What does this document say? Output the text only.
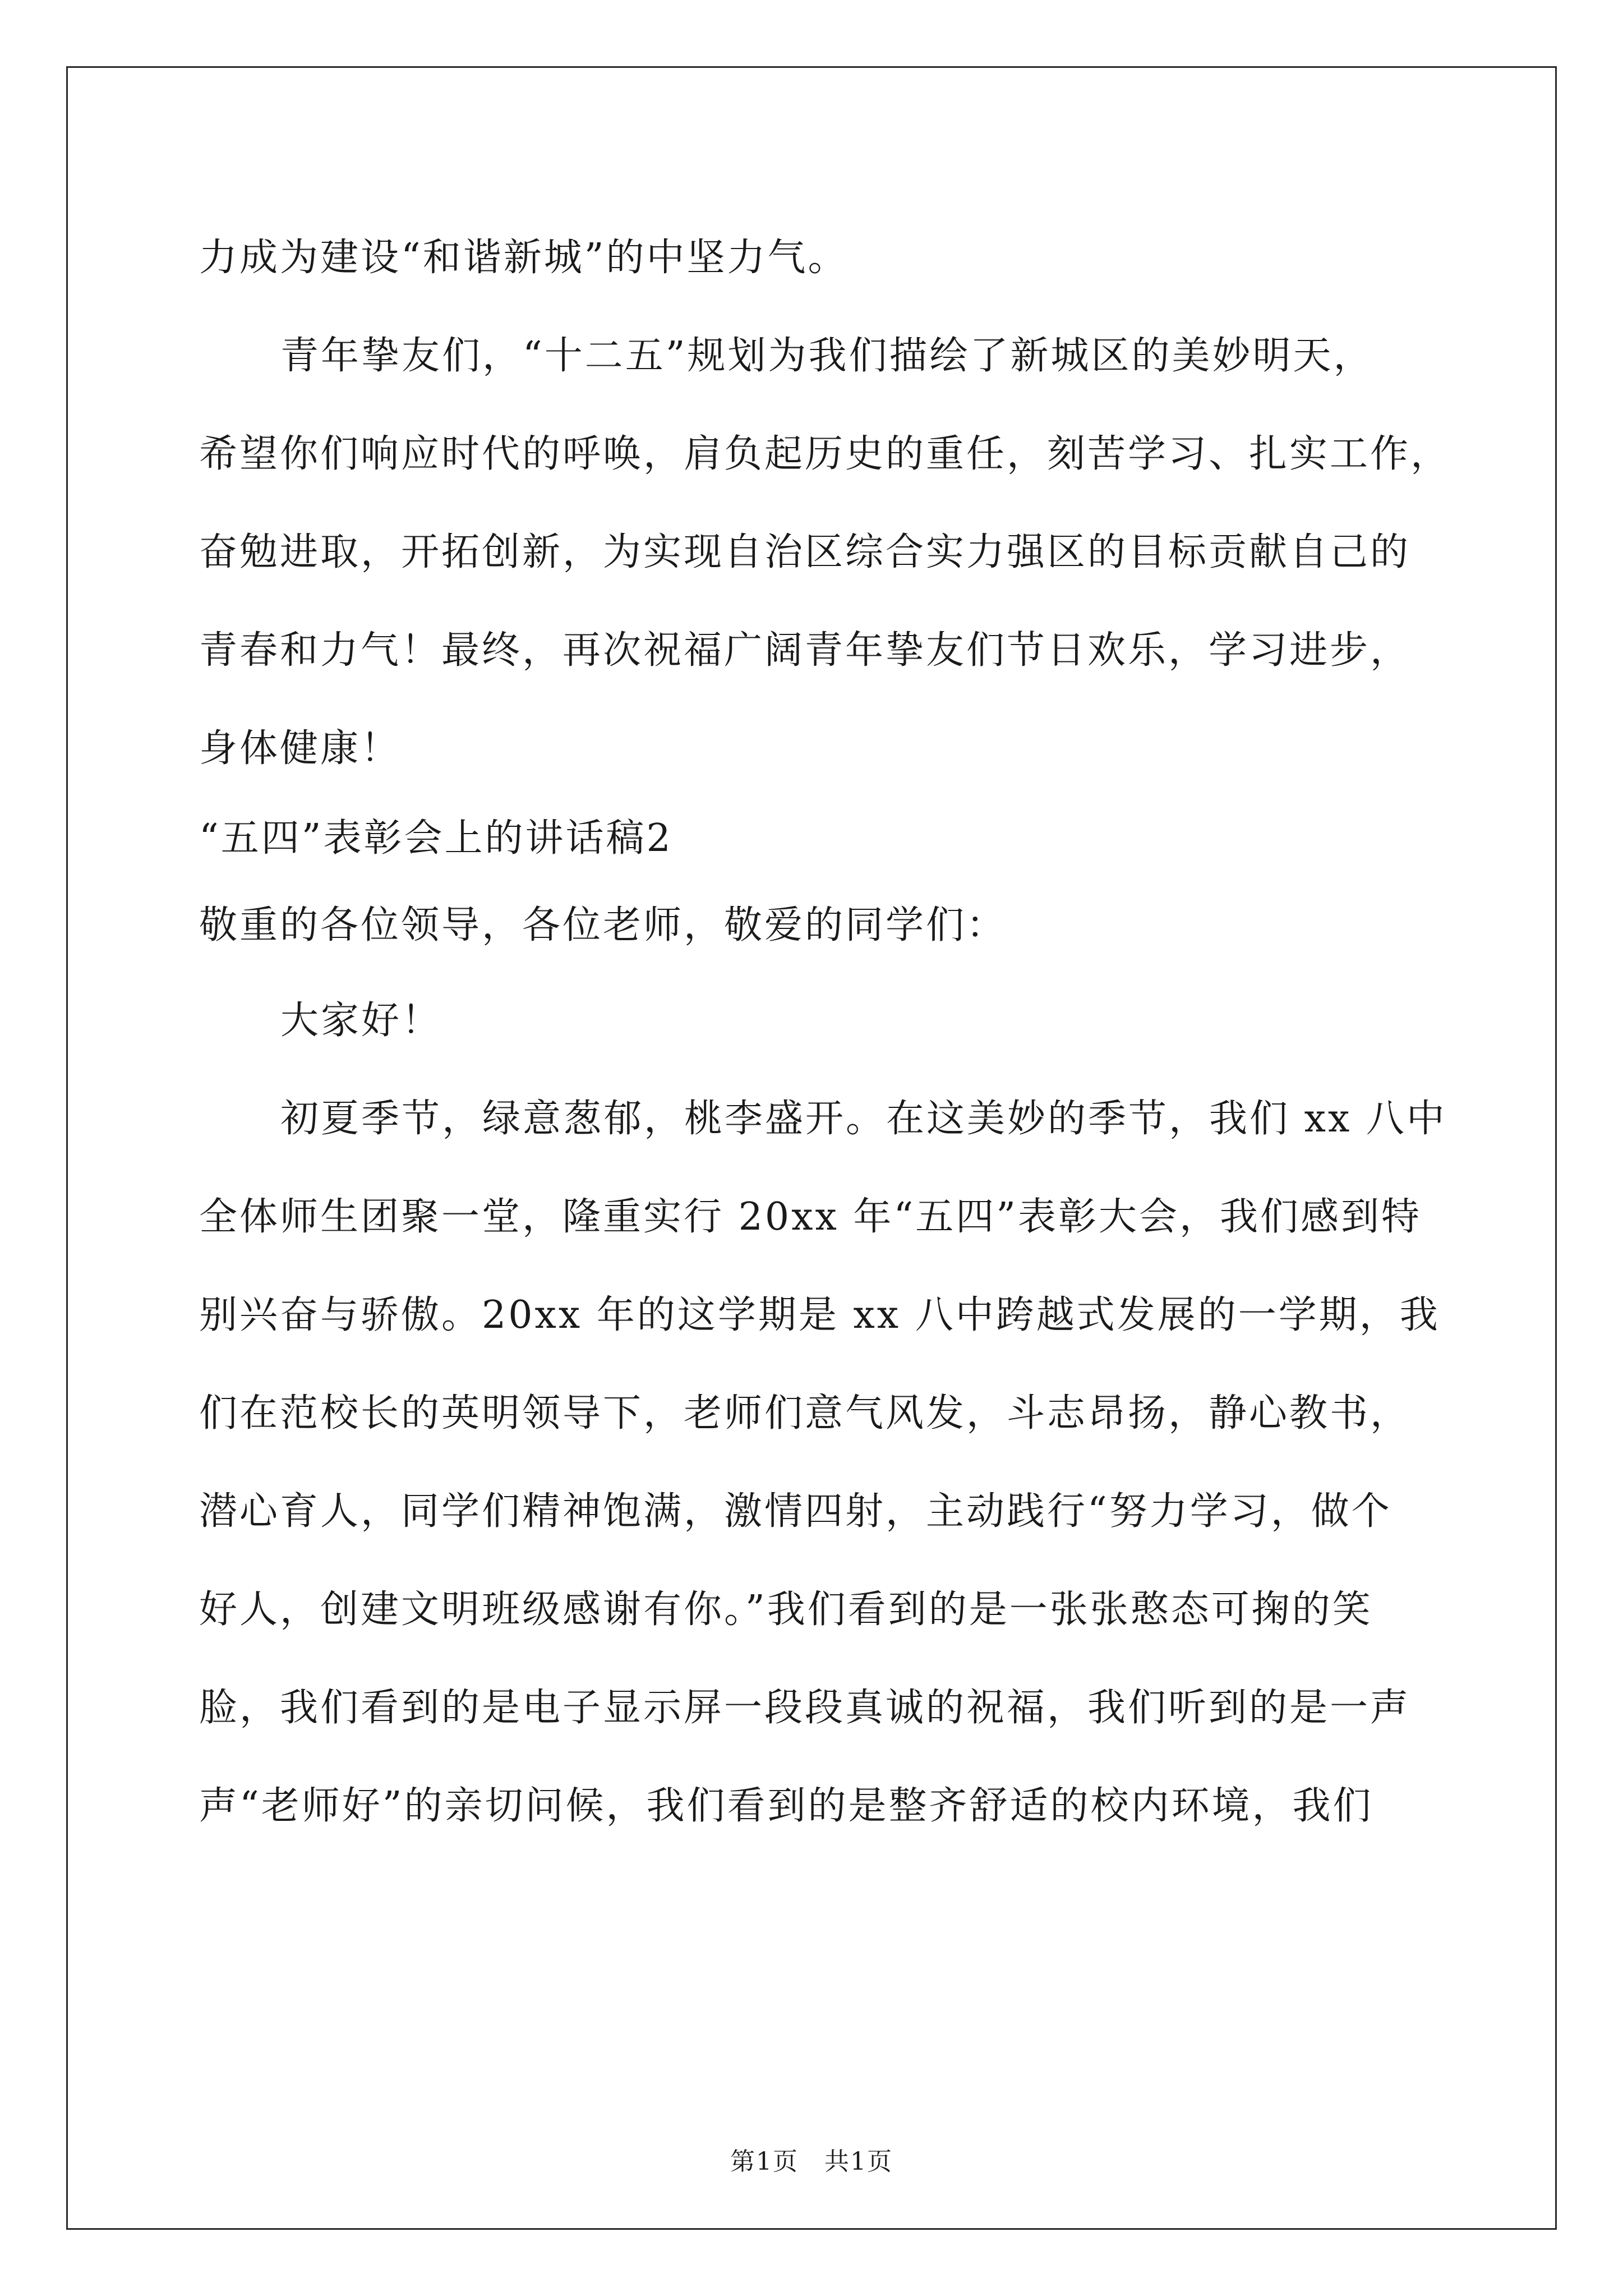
力成为建设“和谐新城”的中坚力气。
青年挚友们，“十二五”规划为我们描绘了新城区的美妙明天，
希望你们响应时代的呼唤，肩负起历史的重任，刻苦学习、扎实工作，
奋勉进取，开拓创新，为实现自治区综合实力强区的目标贡献自己的
青春和力气！最终，再次祝福广阔青年挚友们节日欢乐，学习进步，
身体健康！
“五四”表彰会上的讲话稿2
敬重的各位领导，各位老师，敬爱的同学们：
大家好！
初夏季节，绿意葱郁，桃李盛开。在这美妙的季节，我们 xx 八中
全体师生团聚一堂，隆重实行 20xx 年“五四”表彰大会，我们感到特
别兴奋与骄傲。20xx 年的这学期是 xx 八中跨越式发展的一学期，我
们在范校长的英明领导下，老师们意气风发，斗志昂扬，静心教书，
潜心育人，同学们精神饱满，激情四射，主动践行“努力学习，做个
好人，创建文明班级感谢有你。”我们看到的是一张张憨态可掬的笑
脸，我们看到的是电子显示屏一段段真诚的祝福，我们听到的是一声
声“老师好”的亲切问候，我们看到的是整齐舒适的校内环境，我们
第1页　共1页
